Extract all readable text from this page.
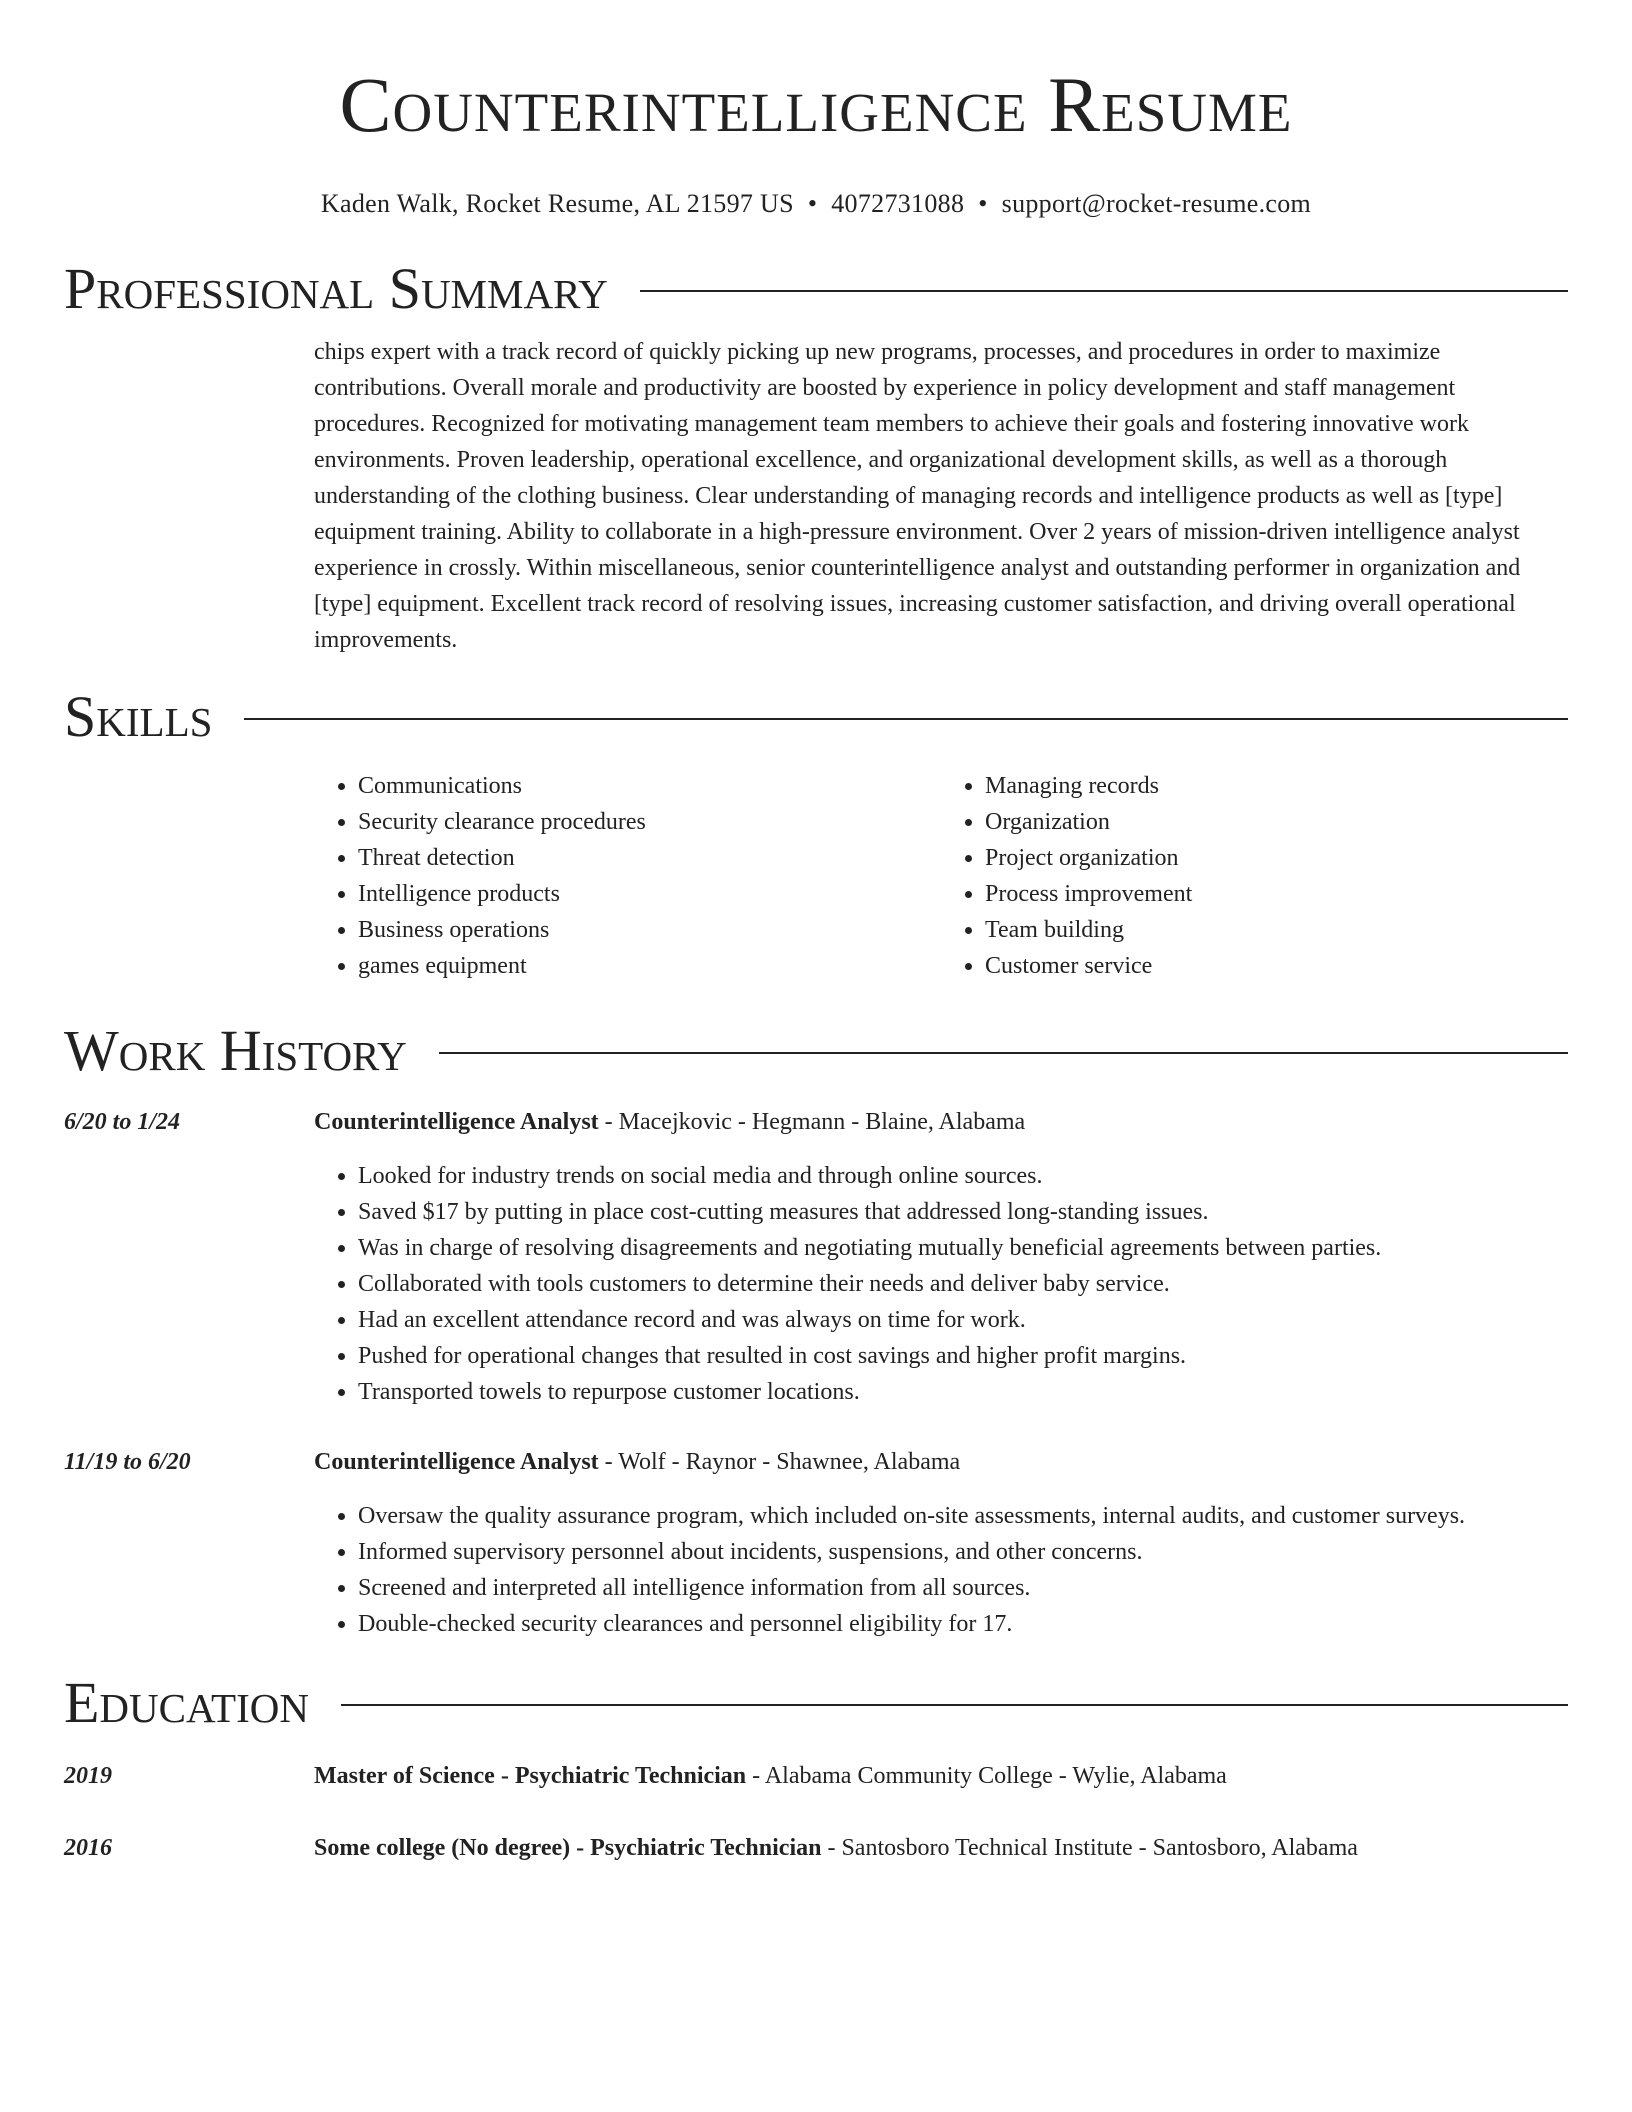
Counterintelligence Resume
Kaden Walk, Rocket Resume, AL 21597 US • 4072731088 • support@rocket-resume.com
Professional Summary

chips expert with a track record of quickly picking up new programs, processes, and procedures in order to maximize contributions. Overall morale and productivity are boosted by experience in policy development and staff management procedures. Recognized for motivating management team members to achieve their goals and fostering innovative work environments. Proven leadership, operational excellence, and organizational development skills, as well as a thorough understanding of the clothing business. Clear understanding of managing records and intelligence products as well as [type] equipment training. Ability to collaborate in a high-pressure environment. Over 2 years of mission-driven intelligence analyst experience in crossly. Within miscellaneous, senior counterintelligence analyst and outstanding performer in organization and [type] equipment. Excellent track record of resolving issues, increasing customer satisfaction, and driving overall operational improvements.

Skills
• Communications
• Security clearance procedures
• Threat detection
• Intelligence products
• Business operations
• games equipment
• Managing records
• Organization
• Project organization
• Process improvement
• Team building
• Customer service
Work History
6/20 to 1/24	Counterintelligence Analyst - Macejkovic - Hegmann - Blaine, Alabama
• Looked for industry trends on social media and through online sources.
• Saved $17 by putting in place cost-cutting measures that addressed long-standing issues.
• Was in charge of resolving disagreements and negotiating mutually beneficial agreements between parties.
• Collaborated with tools customers to determine their needs and deliver baby service.
• Had an excellent attendance record and was always on time for work.
• Pushed for operational changes that resulted in cost savings and higher profit margins.
• Transported towels to repurpose customer locations.
11/19 to 6/20	Counterintelligence Analyst - Wolf - Raynor - Shawnee, Alabama
• Oversaw the quality assurance program, which included on-site assessments, internal audits, and customer surveys.
• Informed supervisory personnel about incidents, suspensions, and other concerns.
• Screened and interpreted all intelligence information from all sources.
• Double-checked security clearances and personnel eligibility for 17.
Education
2019	Master of Science - Psychiatric Technician - Alabama Community College - Wylie, Alabama
2016	Some college (No degree) - Psychiatric Technician - Santosboro Technical Institute - Santosboro, Alabama
